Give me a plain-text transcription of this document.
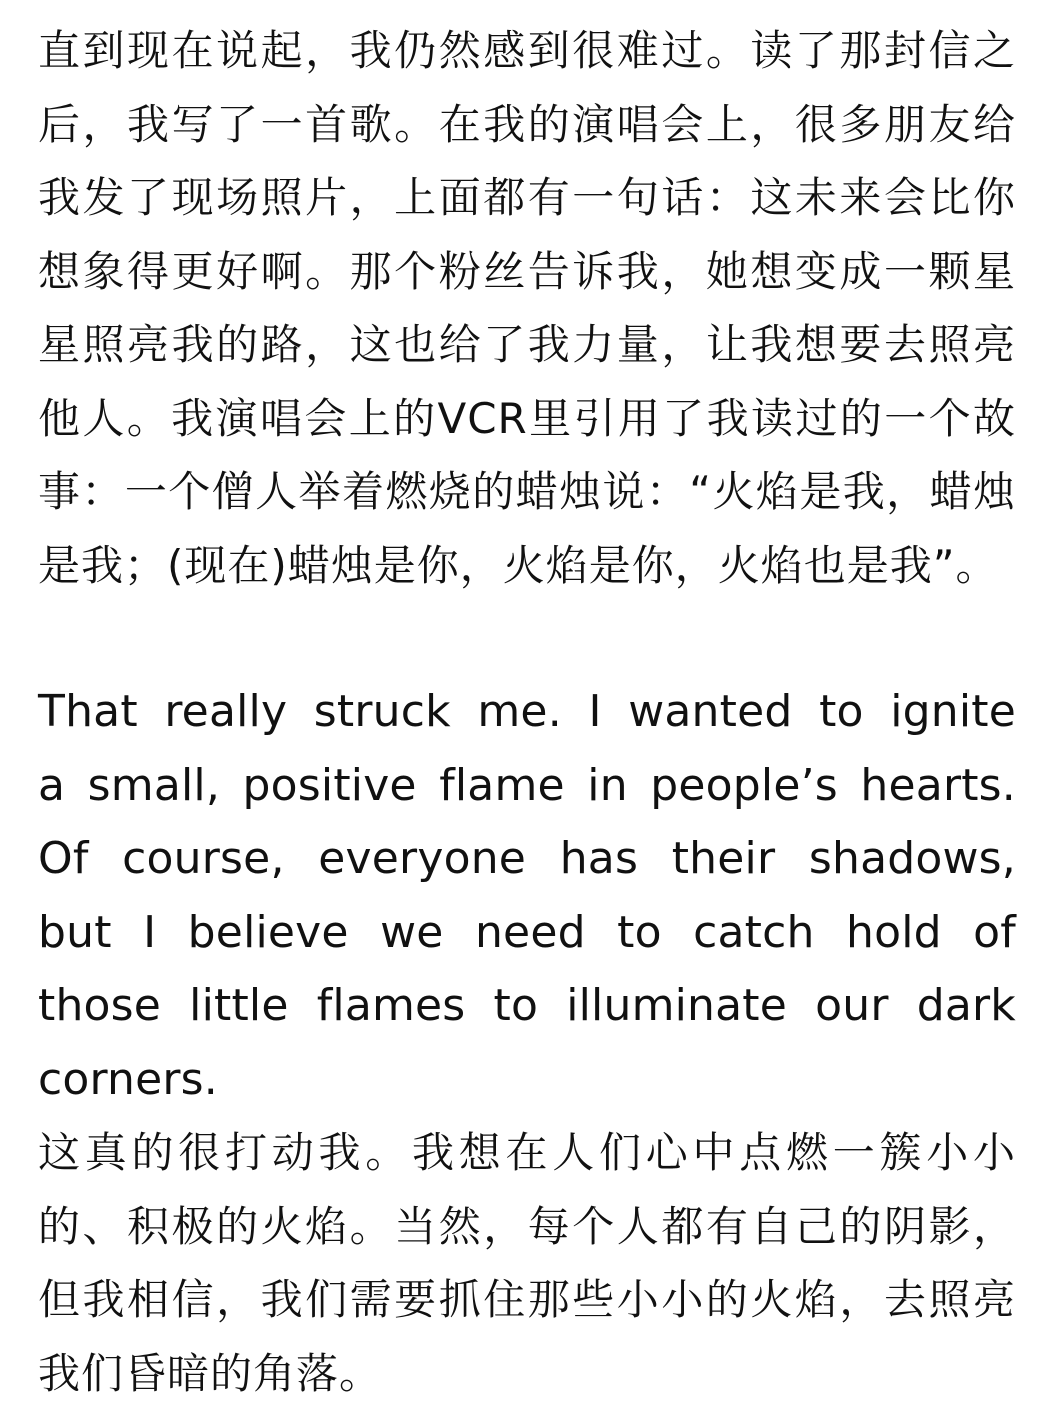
直到现在说起，我仍然感到很难过。读了那封信之后，我写了一首歌。在我的演唱会上，很多朋友给我发了现场照片，上面都有一句话：这未来会比你想象得更好啊。那个粉丝告诉我，她想变成一颗星星照亮我的路，这也给了我力量，让我想要去照亮他人。我演唱会上的VCR里引用了我读过的一个故事：一个僧人举着燃烧的蜡烛说：“火焰是我，蜡烛是我；(现在)蜡烛是你，火焰是你，火焰也是我”。

That really struck me. I wanted to ignite a small, positive flame in people’s hearts. Of course, everyone has their shadows, but I believe we need to catch hold of those little flames to illuminate our dark corners.

这真的很打动我。我想在人们心中点燃一簇小小的、积极的火焰。当然，每个人都有自己的阴影，但我相信，我们需要抓住那些小小的火焰，去照亮我们昏暗的角落。
